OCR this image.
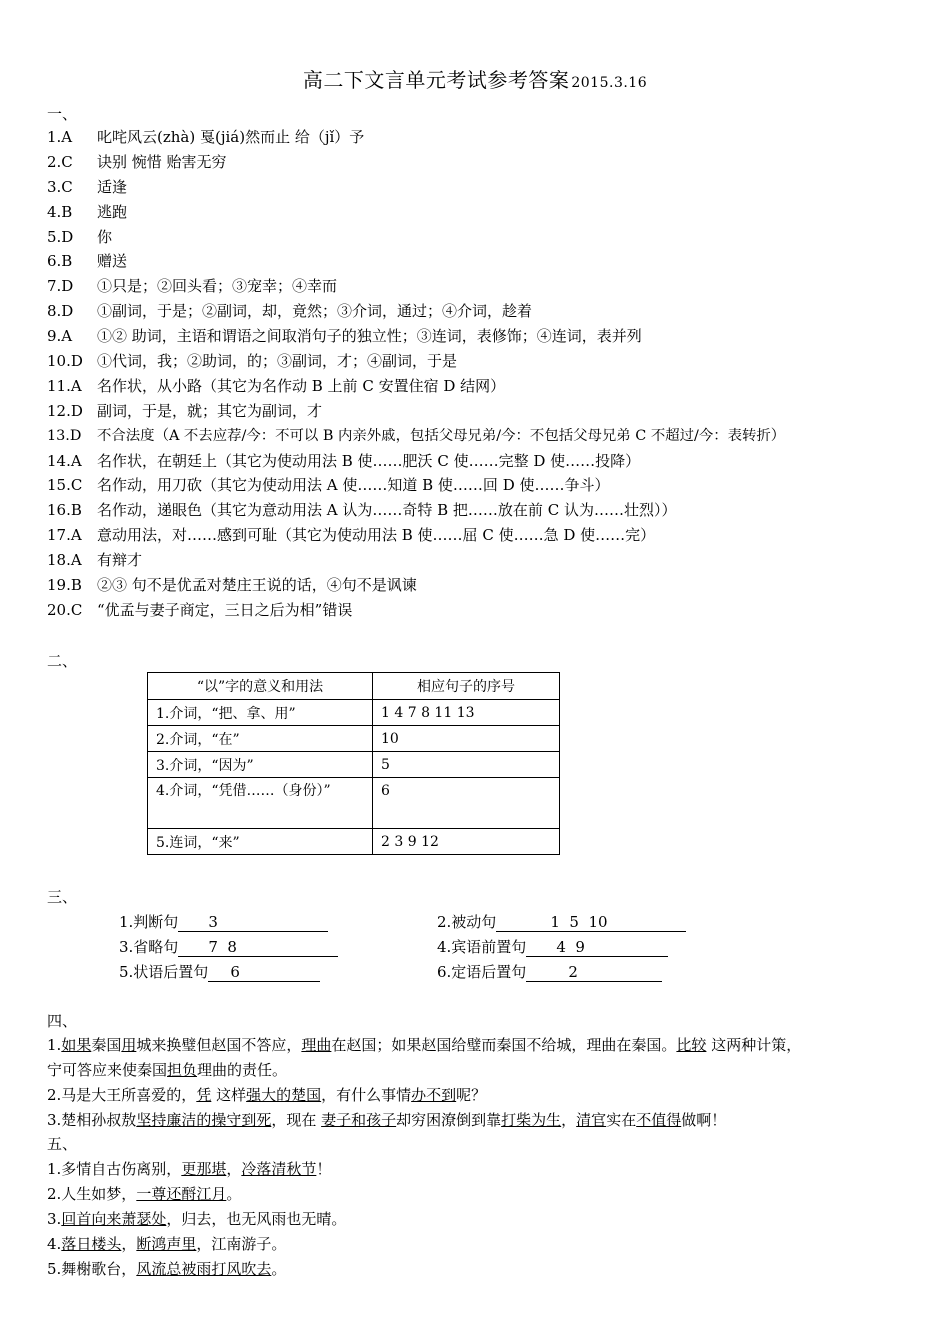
高二下文言单元考试参考答案 2015.3.16
一、
1.A 叱咤风云(zhà) 戛(jiá)然而止 给（jǐ）予
2.C 诀别 惋惜 贻害无穷
3.C 适逢
4.B 逃跑
5.D 你
6.B 赠送
7.D ①只是；②回头看；③宠幸；④幸而
8.D ①副词，于是；②副词，却，竟然；③介词，通过；④介词，趁着
9.A ①② 助词，主语和谓语之间取消句子的独立性；③连词，表修饰；④连词，表并列
10.D ①代词，我；②助词，的；③副词，才；④副词，于是
11.A 名作状，从小路（其它为名作动 B 上前 C 安置住宿 D 结网）
12.D 副词，于是，就；其它为副词，才
13.D 不合法度（A 不去应荐/今：不可以 B 内亲外戚，包括父母兄弟/今：不包括父母兄弟 C 不超过/今：表转折）
14.A 名作状，在朝廷上（其它为使动用法 B 使……肥沃 C 使……完整 D 使……投降）
15.C 名作动，用刀砍（其它为使动用法 A 使……知道 B 使……回 D 使……争斗）
16.B 名作动，递眼色（其它为意动用法 A 认为……奇特 B 把……放在前 C 认为……壮烈））
17.A 意动用法，对……感到可耻（其它为使动用法 B 使……屈 C 使……急 D 使……完）
18.A 有辩才
19.B ②③ 句不是优孟对楚庄王说的话，④句不是讽谏
20.C “优孟与妻子商定，三日之后为相”错误
二、
“以”字的意义和用法	相应句子的序号
1.介词，“把、拿、用”	1 4 7 8 11 13
2.介词，“在”	10
3.介词，“因为”	5
4.介词，“凭借……（身份）”	6
5.连词，“来”	2 3 9 12
三、
1.判断句 3	2.被动句	1  5  10
3.省略句 7  8	4.宾语前置句 4  9
5.状语后置句 6	6.定语后置句	2
四、
1.如果秦国用城来换璧但赵国不答应，理曲在赵国；如果赵国给璧而秦国不给城，理曲在秦国。比较 这两种计策，
宁可答应来使秦国担负理曲的责任。
2.马是大王所喜爱的，凭 这样强大的楚国，有什么事情办不到呢？
3.楚相孙叔敖坚持廉洁的操守到死，现在 妻子和孩子却穷困潦倒到靠打柴为生，清官实在不值得做啊！
五、
1.多情自古伤离别，更那堪，冷落清秋节！
2.人生如梦，一尊还酹江月。
3.回首向来萧瑟处，归去，也无风雨也无晴。
4.落日楼头，断鸿声里，江南游子。
5.舞榭歌台，风流总被雨打风吹去。
